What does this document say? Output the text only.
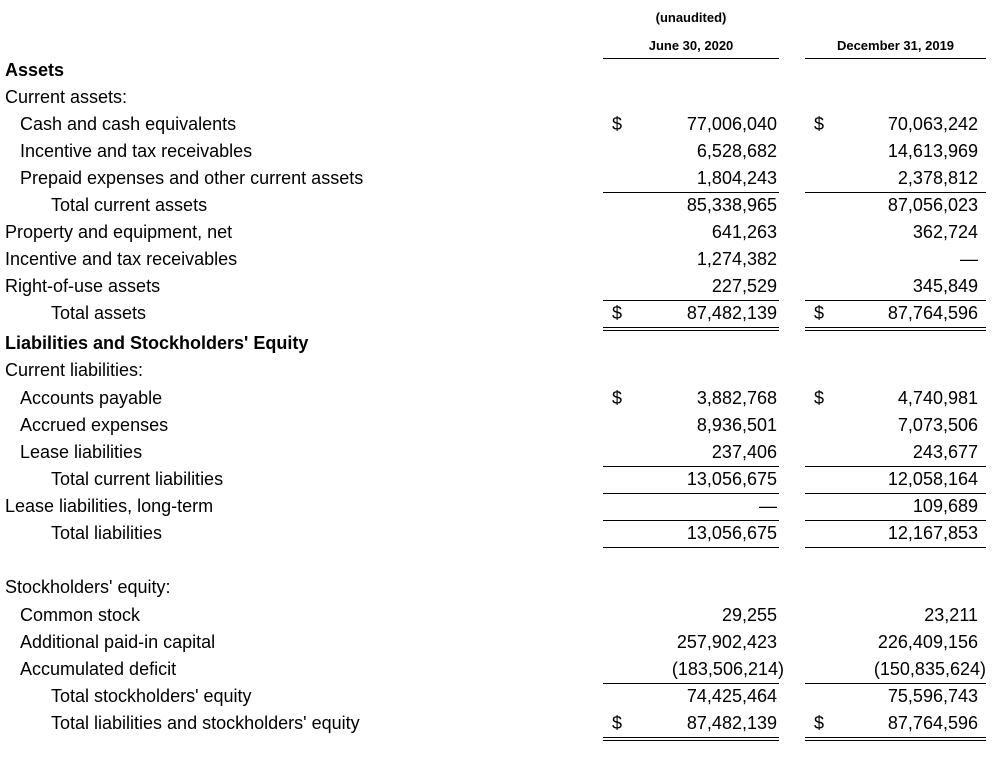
(unaudited)
June 30, 2020	December 31, 2019
Assets
Current assets:
Cash and cash equivalents	$	77,006,040 $	70,063,242
Incentive and tax receivables	6,528,682	14,613,969
Prepaid expenses and other current assets	1,804,243	2,378,812
Total current assets	85,338,965	87,056,023
Property and equipment, net	641,263	362,724
Incentive and tax receivables	1,274,382	—
Right-of-use assets	227,529	345,849
Total assets	$	87,482,139 $	87,764,596
Liabilities and Stockholders' Equity
Current liabilities:
Accounts payable	$	3,882,768 $	4,740,981
Accrued expenses	8,936,501	7,073,506
Lease liabilities	237,406	243,677
Total current liabilities	13,056,675	12,058,164
Lease liabilities, long-term	—	109,689
Total liabilities	13,056,675	12,167,853
Stockholders' equity:
Common stock	29,255	23,211
Additional paid-in capital	257,902,423	226,409,156
Accumulated deficit	(183,506,214)	(150,835,624)
Total stockholders' equity	74,425,464	75,596,743
Total liabilities and stockholders' equity	$	87,482,139 $	87,764,596
